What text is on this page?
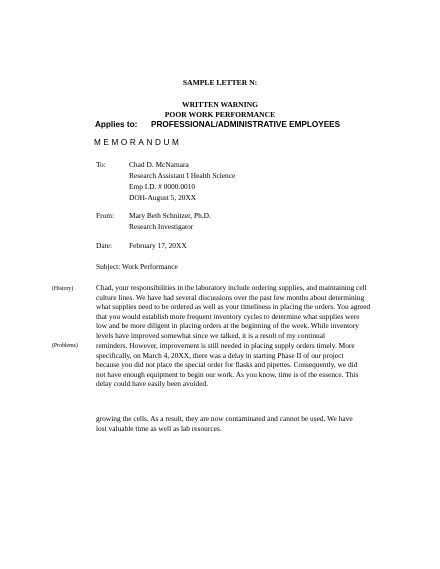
SAMPLE LETTER N:
WRITTEN WARNING
POOR WORK PERFORMANCE
Applies to: PROFESSIONAL/ADMINISTRATIVE EMPLOYEES
MEMORANDUM
To:	Chad D. McNamara
Research Assistant I Health Science
Emp I.D. # 0000.0010
DOH-August 5, 20XX
From: Mary Beth Schnitzer, Ph.D.
Research Investigator
Date: February 17, 20XX
Subject: Work Performance
(History)
(Problems)
Chad, your responsibilities in the laboratory include ordering supplies, and maintaining cell
culture lines. We have had several discussions over the past few months about determining
what supplies need to be ordered as well as your timeliness in placing the orders. You agreed
that you would establish more frequent inventory cycles to determine what supplies were
low and be more diligent in placing orders at the beginning of the week. While inventory
levels have improved somewhat since we talked, it is a result of my continual
reminders. However, improvement is still needed in placing supply orders timely. More
specifically, on March 4, 20XX, there was a delay in starting Phase II of our project
because you did not place the special order for flasks and pipettes. Consequently, we did
not have enough equipment to begin our work. As you know, time is of the essence. This
delay could have easily been avoided.
growing the cells. As a result, they are now contaminated and cannot be used. We have
lost valuable time as well as lab resources.
